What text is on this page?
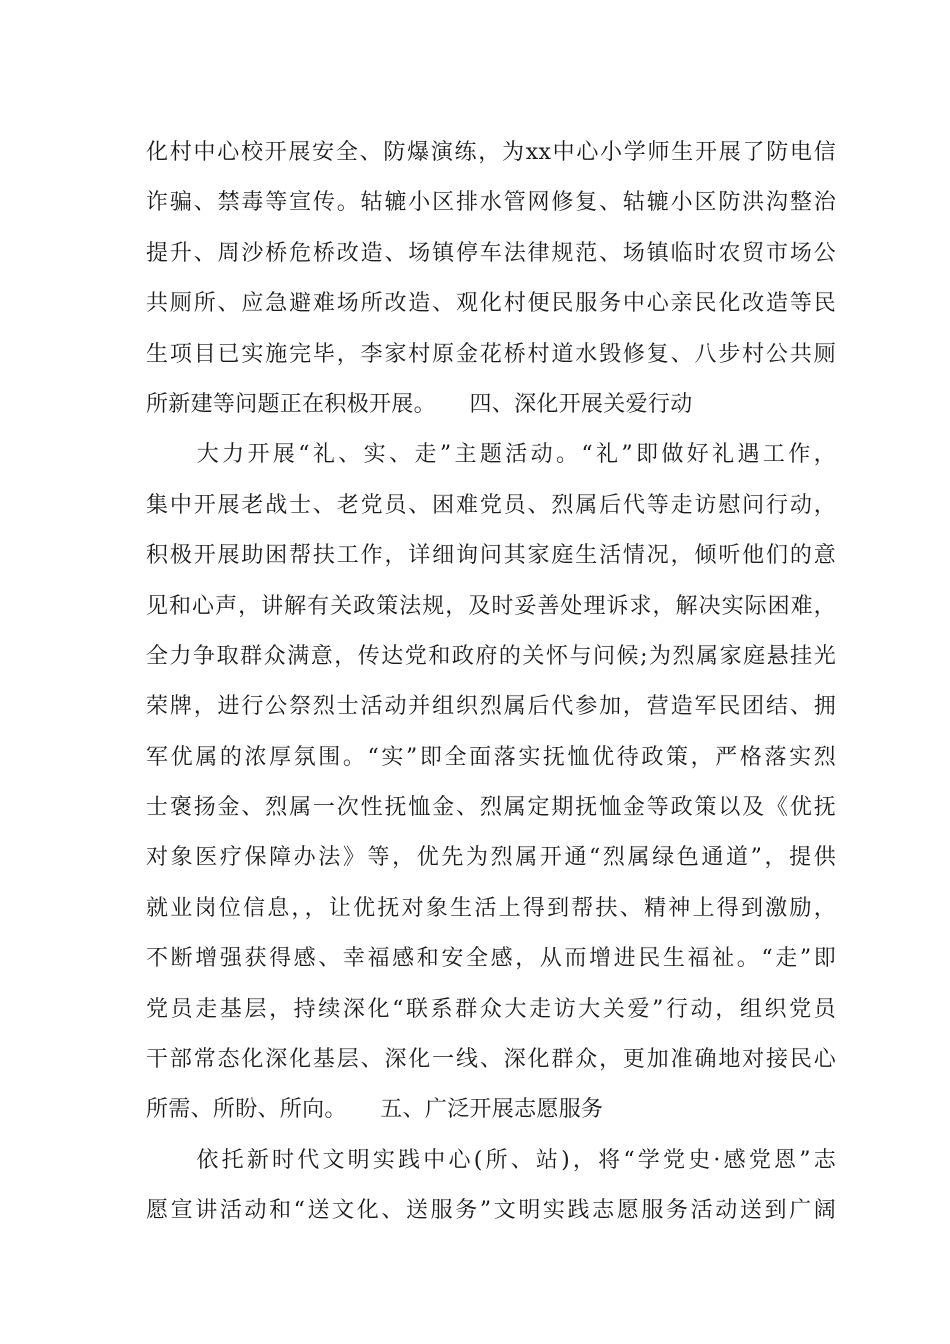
化村中心校开展安全、防爆演练，为xx中心小学师生开展了防电信
诈骗、禁毒等宣传。轱辘小区排水管网修复、轱辘小区防洪沟整治
提升、周沙桥危桥改造、场镇停车法律规范、场镇临时农贸市场公
共厕所、应急避难场所改造、观化村便民服务中心亲民化改造等民
生项目已实施完毕，李家村原金花桥村道水毁修复、八步村公共厕
所新建等问题正在积极开展。　　四、深化开展关爱行动
　　大力开展“礼、实、走”主题活动。“礼”即做好礼遇工作，
集中开展老战士、老党员、困难党员、烈属后代等走访慰问行动，
积极开展助困帮扶工作，详细询问其家庭生活情况，倾听他们的意
见和心声，讲解有关政策法规，及时妥善处理诉求，解决实际困难，
全力争取群众满意，传达党和政府的关怀与问候;为烈属家庭悬挂光
荣牌，进行公祭烈士活动并组织烈属后代参加，营造军民团结、拥
军优属的浓厚氛围。“实”即全面落实抚恤优待政策，严格落实烈
士褒扬金、烈属一次性抚恤金、烈属定期抚恤金等政策以及《优抚
对象医疗保障办法》等，优先为烈属开通“烈属绿色通道”，提供
就业岗位信息，，让优抚对象生活上得到帮扶、精神上得到激励，
不断增强获得感、幸福感和安全感，从而增进民生福祉。“走”即
党员走基层，持续深化“联系群众大走访大关爱”行动，组织党员
干部常态化深化基层、深化一线、深化群众，更加准确地对接民心
所需、所盼、所向。　　五、广泛开展志愿服务
　　依托新时代文明实践中心(所、站)，将“学党史·感党恩”志
愿宣讲活动和“送文化、送服务”文明实践志愿服务活动送到广阔
